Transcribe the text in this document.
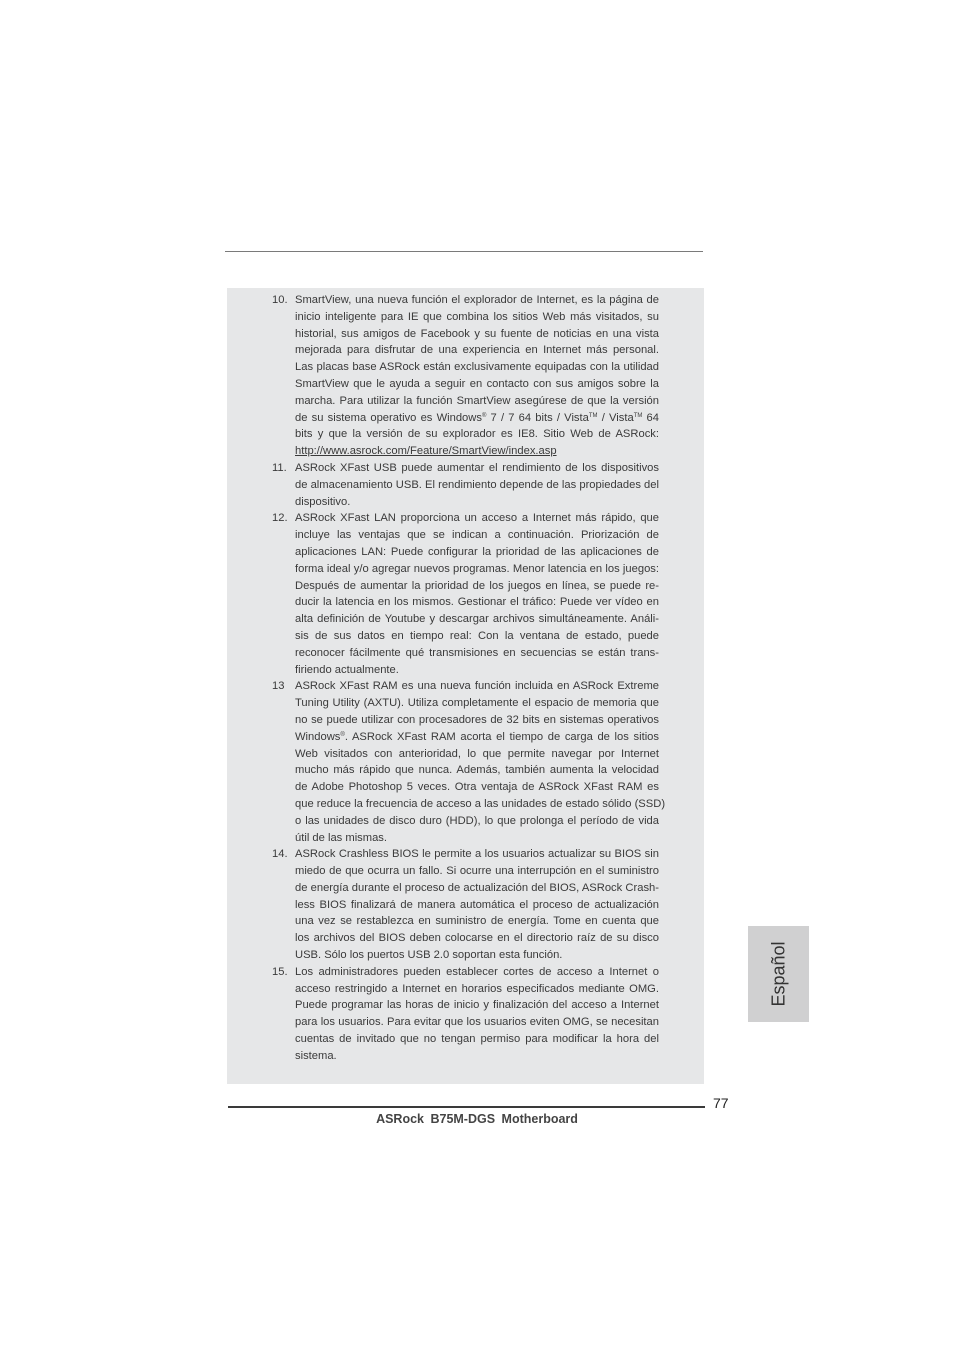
10. SmartView, una nueva función el explorador de Internet, es la página de
inicio inteligente para IE que combina los sitios Web más visitados, su
historial, sus amigos de Facebook y su fuente de noticias en una vista
mejorada para disfrutar de una experiencia en Internet más personal.
Las placas base ASRock están exclusivamente equipadas con la utilidad
SmartView que le ayuda a seguir en contacto con sus amigos sobre la
marcha. Para utilizar la función SmartView asegúrese de que la versión
de su sistema operativo es Windows® 7 / 7 64 bits / Vista™ / Vista™ 64
bits y que la versión de su explorador es IE8. Sitio Web de ASRock:
http://www.asrock.com/Feature/SmartView/index.asp
11. ASRock XFast USB puede aumentar el rendimiento de los dispositivos
de almacenamiento USB. El rendimiento depende de las propiedades del
dispositivo.
12. ASRock XFast LAN proporciona un acceso a Internet más rápido, que
incluye las ventajas que se indican a continuación. Priorización de
aplicaciones LAN: Puede configurar la prioridad de las aplicaciones de
forma ideal y/o agregar nuevos programas. Menor latencia en los juegos:
Después de aumentar la prioridad de los juegos en línea, se puede re-
ducir la latencia en los mismos. Gestionar el tráfico: Puede ver vídeo en
alta definición de Youtube y descargar archivos simultáneamente. Análi-
sis de sus datos en tiempo real: Con la ventana de estado, puede
reconocer fácilmente qué transmisiones en secuencias se están trans-
firiendo actualmente.
13 ASRock XFast RAM es una nueva función incluida en ASRock Extreme
Tuning Utility (AXTU). Utiliza completamente el espacio de memoria que
no se puede utilizar con procesadores de 32 bits en sistemas operativos
Windows®. ASRock XFast RAM acorta el tiempo de carga de los sitios
Web visitados con anterioridad, lo que permite navegar por Internet
mucho más rápido que nunca. Además, también aumenta la velocidad
de Adobe Photoshop 5 veces. Otra ventaja de ASRock XFast RAM es
que reduce la frecuencia de acceso a las unidades de estado sólido (SSD)
o las unidades de disco duro (HDD), lo que prolonga el período de vida
útil de las mismas.
14. ASRock Crashless BIOS le permite a los usuarios actualizar su BIOS sin
miedo de que ocurra un fallo. Si ocurre una interrupción en el suministro
de energía durante el proceso de actualización del BIOS, ASRock Crash-
less BIOS finalizará de manera automática el proceso de actualización
una vez se restablezca en suministro de energía. Tome en cuenta que
los archivos del BIOS deben colocarse en el directorio raíz de su disco
USB. Sólo los puertos USB 2.0 soportan esta función.
15. Los administradores pueden establecer cortes de acceso a Internet o
acceso restringido a Internet en horarios especificados mediante OMG.
Puede programar las horas de inicio y finalización del acceso a Internet
para los usuarios. Para evitar que los usuarios eviten OMG, se necesitan
cuentas de invitado que no tengan permiso para modificar la hora del
sistema.
Español
77
ASRock B75M-DGS Motherboard
